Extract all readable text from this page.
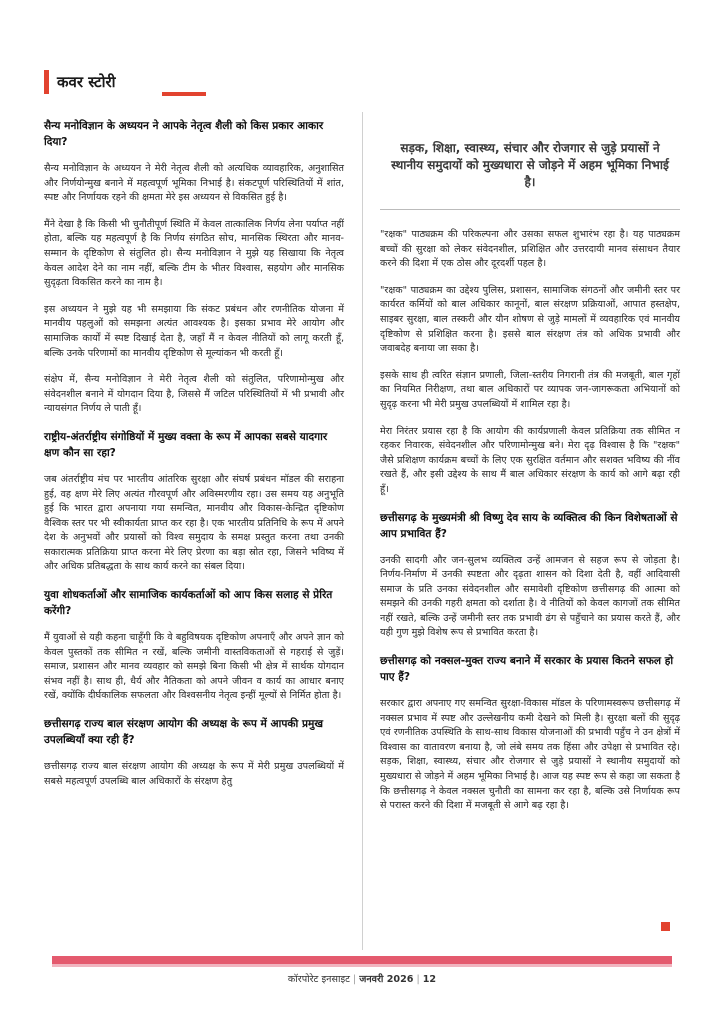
कवर स्टोरी
सैन्य मनोविज्ञान के अध्ययन ने आपके नेतृत्व शैली को किस प्रकार आकार दिया?

सैन्य मनोविज्ञान के अध्ययन ने मेरी नेतृत्व शैली को अत्यधिक व्यावहारिक, अनुशासित और निर्णयोन्मुख बनाने में महत्वपूर्ण भूमिका निभाई है। संकटपूर्ण परिस्थितियों में शांत, स्पष्ट और निर्णायक रहने की क्षमता मेरे इस अध्ययन से विकसित हुई है।

मैंने देखा है कि किसी भी चुनौतीपूर्ण स्थिति में केवल तात्कालिक निर्णय लेना पर्याप्त नहीं होता, बल्कि यह महत्वपूर्ण है कि निर्णय संगठित सोच, मानसिक स्थिरता और मानव-सम्मान के दृष्टिकोण से संतुलित हो। सैन्य मनोविज्ञान ने मुझे यह सिखाया कि नेतृत्व केवल आदेश देने का नाम नहीं, बल्कि टीम के भीतर विश्वास, सहयोग और मानसिक सुदृढ़ता विकसित करने का नाम है।

इस अध्ययन ने मुझे यह भी समझाया कि संकट प्रबंधन और रणनीतिक योजना में मानवीय पहलुओं को समझना अत्यंत आवश्यक है। इसका प्रभाव मेरे आयोग और सामाजिक कार्यों में स्पष्ट दिखाई देता है, जहाँ मैं न केवल नीतियों को लागू करती हूँ, बल्कि उनके परिणामों का मानवीय दृष्टिकोण से मूल्यांकन भी करती हूँ।

संक्षेप में, सैन्य मनोविज्ञान ने मेरी नेतृत्व शैली को संतुलित, परिणामोन्मुख और संवेदनशील बनाने में योगदान दिया है, जिससे मैं जटिल परिस्थितियों में भी प्रभावी और न्यायसंगत निर्णय ले पाती हूँ।

राष्ट्रीय-अंतर्राष्ट्रीय संगोष्ठियों में मुख्य वक्ता के रूप में आपका सबसे यादगार क्षण कौन सा रहा?

जब अंतर्राष्ट्रीय मंच पर भारतीय आंतरिक सुरक्षा और संघर्ष प्रबंधन मॉडल की सराहना हुई, वह क्षण मेरे लिए अत्यंत गौरवपूर्ण और अविस्मरणीय रहा। उस समय यह अनुभूति हुई कि भारत द्वारा अपनाया गया समन्वित, मानवीय और विकास-केन्द्रित दृष्टिकोण वैश्विक स्तर पर भी स्वीकार्यता प्राप्त कर रहा है। एक भारतीय प्रतिनिधि के रूप में अपने देश के अनुभवों और प्रयासों को विश्व समुदाय के समक्ष प्रस्तुत करना तथा उनकी सकारात्मक प्रतिक्रिया प्राप्त करना मेरे लिए प्रेरणा का बड़ा स्रोत रहा, जिसने भविष्य में और अधिक प्रतिबद्धता के साथ कार्य करने का संबल दिया।

युवा शोधकर्ताओं और सामाजिक कार्यकर्ताओं को आप किस सलाह से प्रेरित करेंगी?

मैं युवाओं से यही कहना चाहूँगी कि वे बहुविषयक दृष्टिकोण अपनाएँ और अपने ज्ञान को केवल पुस्तकों तक सीमित न रखें, बल्कि जमीनी वास्तविकताओं से गहराई से जुड़ें। समाज, प्रशासन और मानव व्यवहार को समझे बिना किसी भी क्षेत्र में सार्थक योगदान संभव नहीं है। साथ ही, धैर्य और नैतिकता को अपने जीवन व कार्य का आधार बनाए रखें, क्योंकि दीर्घकालिक सफलता और विश्वसनीय नेतृत्व इन्हीं मूल्यों से निर्मित होता है।

छत्तीसगढ़ राज्य बाल संरक्षण आयोग की अध्यक्ष के रूप में आपकी प्रमुख उपलब्धियाँ क्या रही हैं?

छत्तीसगढ़ राज्य बाल संरक्षण आयोग की अध्यक्ष के रूप में मेरी प्रमुख उपलब्धियों में सबसे महत्वपूर्ण उपलब्धि बाल अधिकारों के संरक्षण हेतु

सड़क, शिक्षा, स्वास्थ्य, संचार और रोजगार से जुड़े प्रयासों ने स्थानीय समुदायों को मुख्यधारा से जोड़ने में अहम भूमिका निभाई है।

"रक्षक" पाठ्यक्रम की परिकल्पना और उसका सफल शुभारंभ रहा है। यह पाठ्यक्रम बच्चों की सुरक्षा को लेकर संवेदनशील, प्रशिक्षित और उत्तरदायी मानव संसाधन तैयार करने की दिशा में एक ठोस और दूरदर्शी पहल है।

"रक्षक" पाठ्यक्रम का उद्देश्य पुलिस, प्रशासन, सामाजिक संगठनों और जमीनी स्तर पर कार्यरत कर्मियों को बाल अधिकार कानूनों, बाल संरक्षण प्रक्रियाओं, आपात हस्तक्षेप, साइबर सुरक्षा, बाल तस्करी और यौन शोषण से जुड़े मामलों में व्यवहारिक एवं मानवीय दृष्टिकोण से प्रशिक्षित करना है। इससे बाल संरक्षण तंत्र को अधिक प्रभावी और जवाबदेह बनाया जा सका है।

इसके साथ ही त्वरित संज्ञान प्रणाली, जिला-स्तरीय निगरानी तंत्र की मजबूती, बाल गृहों का नियमित निरीक्षण, तथा बाल अधिकारों पर व्यापक जन-जागरूकता अभियानों को सुदृढ़ करना भी मेरी प्रमुख उपलब्धियों में शामिल रहा है।

मेरा निरंतर प्रयास रहा है कि आयोग की कार्यप्रणाली केवल प्रतिक्रिया तक सीमित न रहकर निवारक, संवेदनशील और परिणामोन्मुख बने। मेरा दृढ़ विश्वास है कि "रक्षक" जैसे प्रशिक्षण कार्यक्रम बच्चों के लिए एक सुरक्षित वर्तमान और सशक्त भविष्य की नींव रखते हैं, और इसी उद्देश्य के साथ मैं बाल अधिकार संरक्षण के कार्य को आगे बढ़ा रही हूँ।

छत्तीसगढ़ के मुख्यमंत्री श्री विष्णु देव साय के व्यक्तित्व की किन विशेषताओं से आप प्रभावित हैं?

उनकी सादगी और जन-सुलभ व्यक्तित्व उन्हें आमजन से सहज रूप से जोड़ता है। निर्णय-निर्माण में उनकी स्पष्टता और दृढ़ता शासन को दिशा देती है, वहीं आदिवासी समाज के प्रति उनका संवेदनशील और समावेशी दृष्टिकोण छत्तीसगढ़ की आत्मा को समझने की उनकी गहरी क्षमता को दर्शाता है। वे नीतियों को केवल कागजों तक सीमित नहीं रखते, बल्कि उन्हें जमीनी स्तर तक प्रभावी ढंग से पहुँचाने का प्रयास करते हैं, और यही गुण मुझे विशेष रूप से प्रभावित करता है।

छत्तीसगढ़ को नक्सल-मुक्त राज्य बनाने में सरकार के प्रयास कितने सफल हो पाए हैं?

सरकार द्वारा अपनाए गए समन्वित सुरक्षा-विकास मॉडल के परिणामस्वरूप छत्तीसगढ़ में नक्सल प्रभाव में स्पष्ट और उल्लेखनीय कमी देखने को मिली है। सुरक्षा बलों की सुदृढ़ एवं रणनीतिक उपस्थिति के साथ-साथ विकास योजनाओं की प्रभावी पहुँच ने उन क्षेत्रों में विश्वास का वातावरण बनाया है, जो लंबे समय तक हिंसा और उपेक्षा से प्रभावित रहे। सड़क, शिक्षा, स्वास्थ्य, संचार और रोजगार से जुड़े प्रयासों ने स्थानीय समुदायों को मुख्यधारा से जोड़ने में अहम भूमिका निभाई है। आज यह स्पष्ट रूप से कहा जा सकता है कि छत्तीसगढ़ ने केवल नक्सल चुनौती का सामना कर रहा है, बल्कि उसे निर्णायक रूप से परास्त करने की दिशा में मजबूती से आगे बढ़ रहा है।

कॉरपोरेट इनसाइट | जनवरी 2026 | 12
